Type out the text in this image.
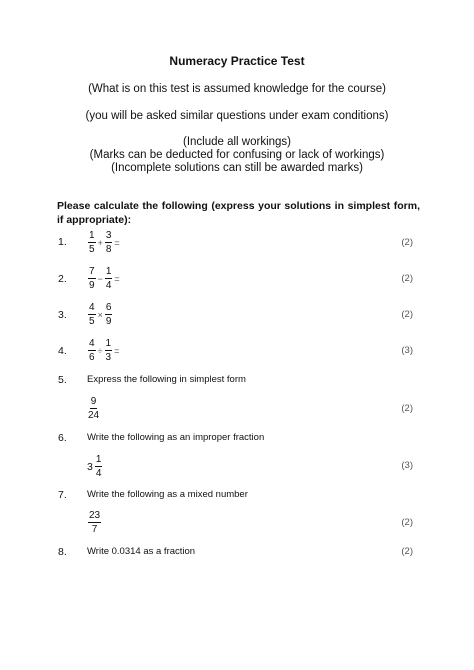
Numeracy Practice Test
(What is on this test is assumed knowledge for the course)
(you will be asked similar questions under exam conditions)
(Include all workings)
(Marks can be deducted for confusing or lack of workings)
(Incomplete solutions can still be awarded marks)
Please calculate the following (express your solutions in simplest form, if appropriate):
1. $\frac{1}{5} + \frac{3}{8}$ =	(2)
2. $\frac{7}{9} - \frac{1}{4}$ =	(2)
3. $\frac{4}{5} \times \frac{6}{9}$	(2)
4. $\frac{4}{6} \div \frac{1}{3}$ =	(3)
5. Express the following in simplest form
$\frac{9}{24}$	(2)
6. Write the following as an improper fraction
$3 \frac{1}{4}$	(3)
7. Write the following as a mixed number
$\frac{23}{7}$	(2)
8. Write 0.0314 as a fraction	(2)
